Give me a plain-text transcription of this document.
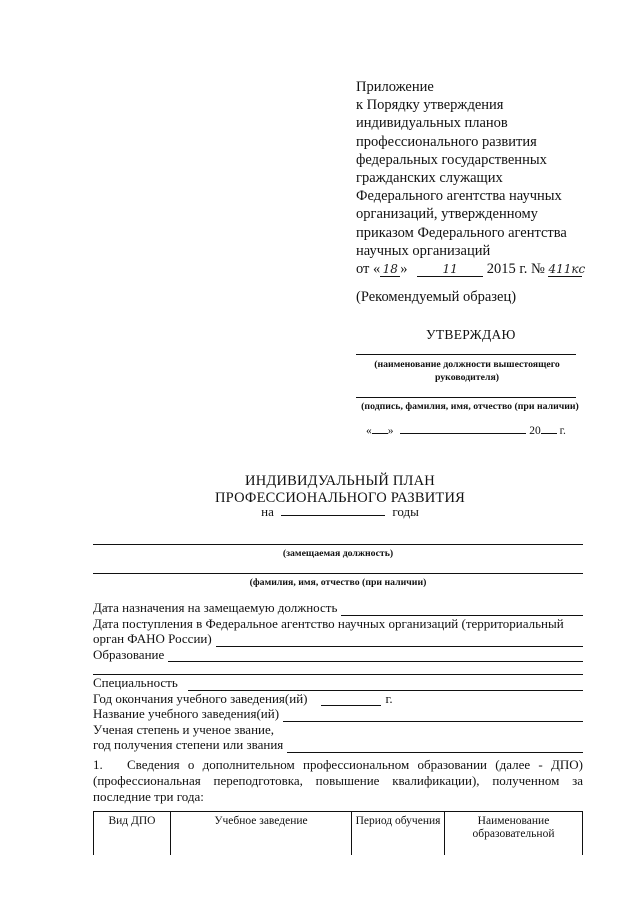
Приложение
к Порядку утверждения
индивидуальных планов
профессионального развития
федеральных государственных
гражданских служащих
Федерального агентства научных
организаций, утвержденному
приказом Федерального агентства
научных организаций
от « 18 »	11 2015 г. № 411кс
(Рекомендуемый образец)
УТВЕРЖДАЮ
(наименование должности вышестоящего руководителя)
(подпись, фамилия, имя, отчество (при наличии)
« »	20 г.
ИНДИВИДУАЛЬНЫЙ ПЛАН
ПРОФЕССИОНАЛЬНОГО РАЗВИТИЯ
на	годы
(замещаемая должность)
(фамилия, имя, отчество (при наличии)
Дата назначения на замещаемую должность
Дата поступления в Федеральное агентство научных организаций (территориальный
орган ФАНО России)
Образование
Специальность
Год окончания учебного заведения(ий)	г.
Название учебного заведения(ий)
Ученая степень и ученое звание,
год получения степени или звания
1. Сведения о дополнительном профессиональном образовании (далее - ДПО) (профессиональная переподготовка, повышение квалификации), полученном за последние три года:
Вид ДПО	Учебное заведение	Период обучения	Наименование образовательной
